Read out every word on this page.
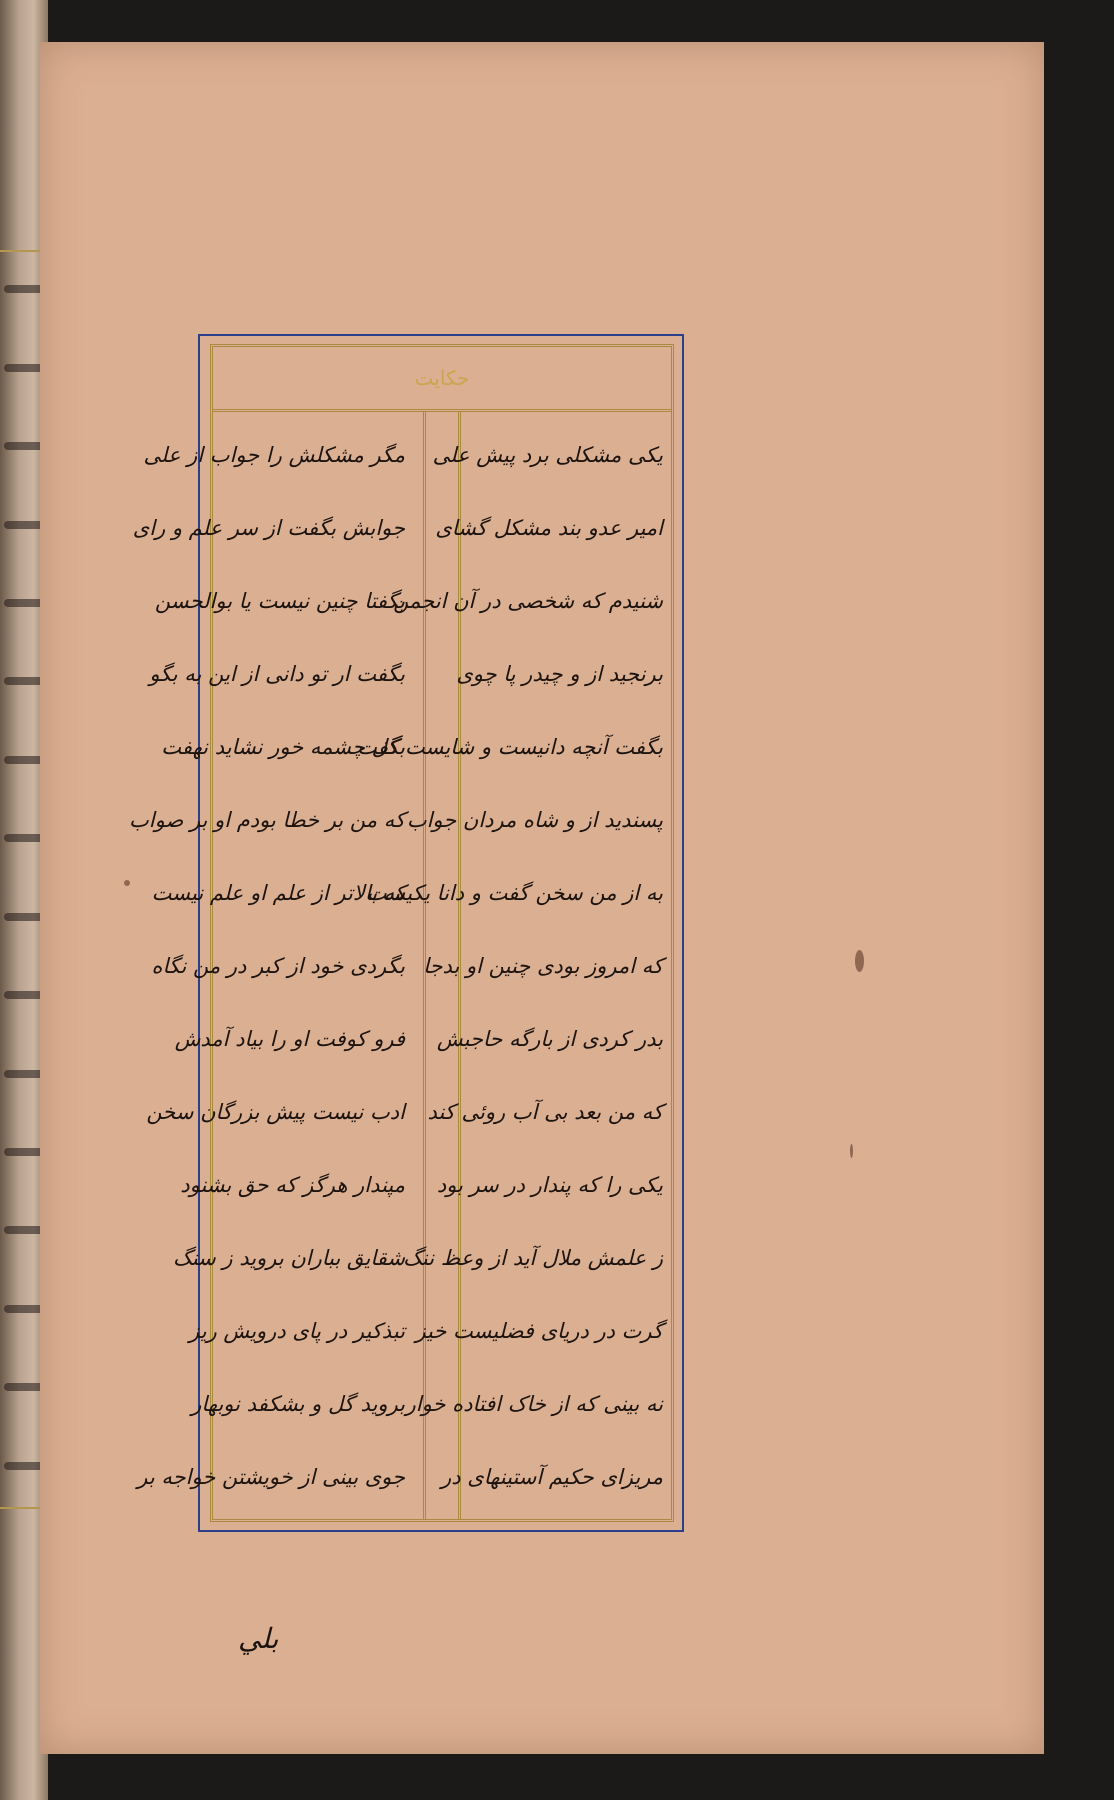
حکایت
یکی مشکلی برد پیش علی
امیر عدو بند مشکل گشای
شنیدم که شخصی در آن انجمن
برنجید از و چیدر پا چوی
بگفت آنچه دانیست و شایست گفت
پسندید از و شاه مردان جواب
به از من سخن گفت و دانا یکیست
که امروز بودی چنین او بدجا
بدر کردی از بارگه حاجبش
که من بعد بی آب روئی کند
یکی را که پندار در سر بود
ز علمش ملال آید از وعظ ننگ
گرت در دریای فضلیست خیز
نه بینی که از خاک افتاده خوار
مریزای حکیم آستینهای در
مگر مشکلش را جواب از علی
جوابش بگفت از سر علم و رای
بگفتا چنین نیست یا بوالحسن
بگفت ار تو دانی از این به بگو
بگل چشمه خور نشاید نهفت
که من بر خطا بودم او بر صواب
که بالاتر از علم او علم نیست
بگردی خود از کبر در من نگاه
فرو کوفت او را بیاد آمدش
ادب نیست پیش بزرگان سخن
مپندار هرگز که حق بشنود
شقایق بباران بروید ز سنگ
تبذکیر در پای درویش ریز
بروید گل و بشکفد نوبهار
جوی بینی از خویشتن خواجه بر
بلي
